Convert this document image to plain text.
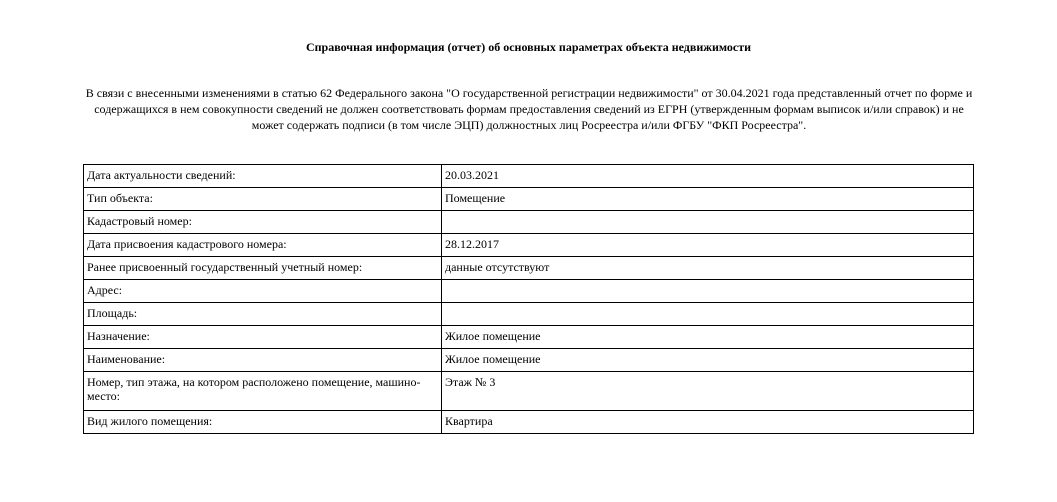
Справочная информация (отчет) об основных параметрах объекта недвижимости
В связи с внесенными изменениями в статью 62 Федерального закона "О государственной регистрации недвижимости" от 30.04.2021 года представленный отчет по форме и содержащихся в нем совокупности сведений не должен соответствовать формам предоставления сведений из ЕГРН (утвержденным формам выписок и/или справок) и не может содержать подписи (в том числе ЭЦП) должностных лиц Росреестра и/или ФГБУ "ФКП Росреестра".
Дата актуальности сведений:	20.03.2021
Тип объекта:	Помещение
Кадастровый номер:	
Дата присвоения кадастрового номера:	28.12.2017
Ранее присвоенный государственный учетный номер:	данные отсутствуют
Адрес:	
Площадь:	
Назначение:	Жилое помещение
Наименование:	Жилое помещение
Номер, тип этажа, на котором расположено помещение, машино-место:	Этаж № 3
Вид жилого помещения:	Квартира
